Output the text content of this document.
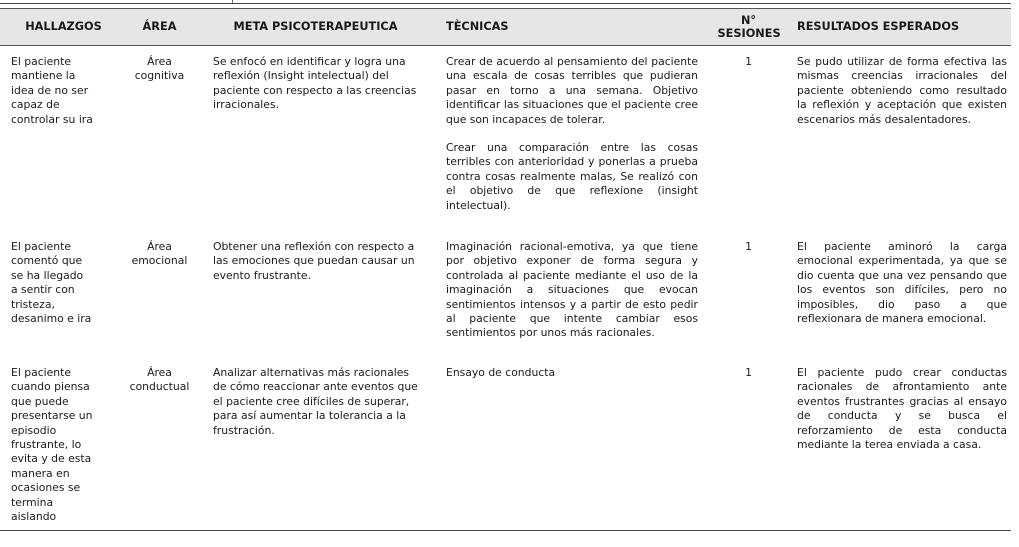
HALLAZGOS	ÁREA	META PSICOTERAPEUTICA	TÈCNICAS	N° SESIONES	RESULTADOS ESPERADOS

El paciente mantiene la idea de no ser capaz de controlar su ira	Área cognitiva	Se enfocó en identificar y logra una reflexión (Insight intelectual) del paciente con respecto a las creencias irracionales.	Crear de acuerdo al pensamiento del paciente una escala de cosas terribles que pudieran pasar en torno a una semana. Objetivo identificar las situaciones que el paciente cree que son incapaces de tolerar.
Crear una comparación entre las cosas terribles con anterioridad y ponerlas a prueba contra cosas realmente malas, Se realizó con el objetivo de que reflexione (insight intelectual).	1	Se pudo utilizar de forma efectiva las mismas creencias irracionales del paciente obteniendo como resultado la reflexión y aceptación que existen escenarios más desalentadores.

El paciente comentó que se ha llegado a sentir con tristeza, desanimo e ira	Área emocional	Obtener una reflexión con respecto a las emociones que puedan causar un evento frustrante.	Imaginación racional-emotiva, ya que tiene por objetivo exponer de forma segura y controlada al paciente mediante el uso de la imaginación a situaciones que evocan sentimientos intensos y a partir de esto pedir al paciente que intente cambiar esos sentimientos por unos más racionales.	1	El paciente aminoró la carga emocional experimentada, ya que se dio cuenta que una vez pensando que los eventos son difíciles, pero no imposibles, dio paso a que reflexionara de manera emocional.

El paciente cuando piensa que puede presentarse un episodio frustrante, lo evita y de esta manera en ocasiones se termina aislando	Área conductual	Analizar alternativas más racionales de cómo reaccionar ante eventos que el paciente cree difíciles de superar, para así aumentar la tolerancia a la frustración.	Ensayo de conducta	1	El paciente pudo crear conductas racionales de afrontamiento ante eventos frustrantes gracias al ensayo de conducta y se busca el reforzamiento de esta conducta mediante la terea enviada a casa.
